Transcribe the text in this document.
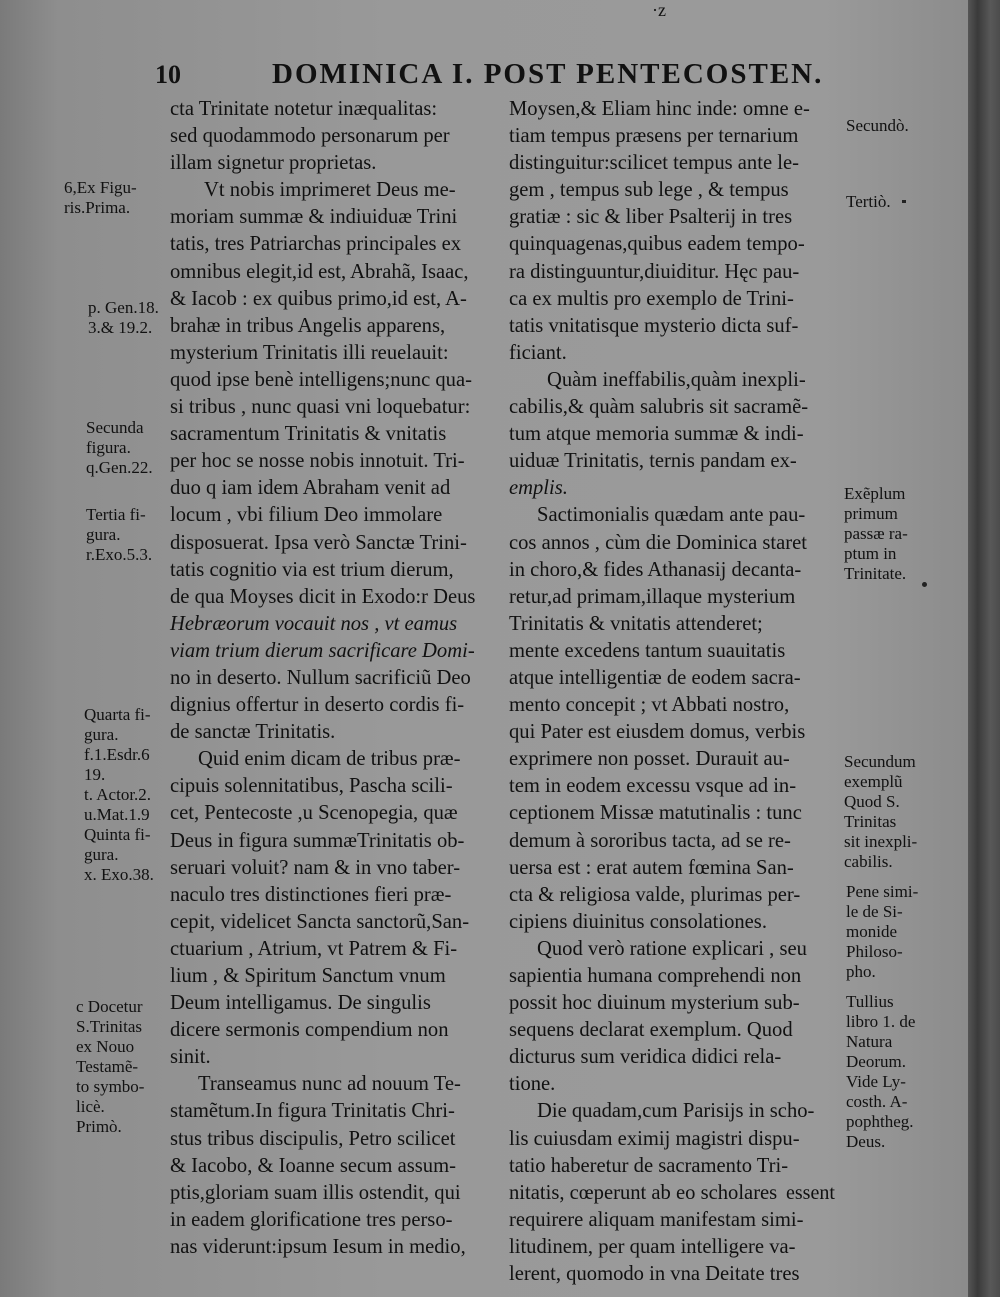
·z
10	DOMINICA I. POST PENTECOSTEN.
6,Ex Figu-
ris.Prima.
p. Gen.18.
3.& 19.2.
Secunda
figura.
q.Gen.22.
Tertia fi-
gura.
r.Exo.5.3.
Quarta fi-
gura.
f.1.Esdr.6
19.
t. Actor.2.
u.Mat.1.9
Quinta fi-
gura.
x. Exo.38.
c Docetur
S.Trinitas
ex Nouo
Testamẽ-
to symbo-
licè.
Primò.
cta Trinitate notetur inæqualitas:
sed quodammodo personarum per
illam signetur proprietas.
Vt nobis imprimeret Deus me-
moriam summæ & indiuiduæ Trini
tatis, tres Patriarchas principales ex
omnibus elegit,id est, Abrahã, Isaac,
& Iacob : ex quibus primo,id est, A-
brahæ in tribus Angelis apparens,
mysterium Trinitatis illi reuelauit:
quod ipse benè intelligens;nunc qua-
si tribus , nunc quasi vni loquebatur:
sacramentum Trinitatis & vnitatis
per hoc se nosse nobis innotuit. Tri-
duo q iam idem Abraham venit ad
locum , vbi filium Deo immolare
disposuerat. Ipsa verò Sanctæ Trini-
tatis cognitio via est trium dierum,
de qua Moyses dicit in Exodo:r Deus
Hebræorum vocauit nos , vt eamus
viam trium dierum sacrificare Domi-
no in deserto. Nullum sacrificiũ Deo
dignius offertur in deserto cordis fi-
de sanctæ Trinitatis.
Quid enim dicam de tribus præ-
cipuis solennitatibus, Pascha scili-
cet, Pentecoste ,u Scenopegia, quæ
Deus in figura summæTrinitatis ob-
seruari voluit? nam & in vno taber-
naculo tres distinctiones fieri præ-
cepit, videlicet Sancta sanctorũ,San-
ctuarium , Atrium, vt Patrem & Fi-
lium , & Spiritum Sanctum vnum
Deum intelligamus. De singulis
dicere sermonis compendium non
sinit.
Transeamus nunc ad nouum Te-
stamẽtum.In figura Trinitatis Chri-
stus tribus discipulis, Petro scilicet
& Iacobo, & Ioanne secum assum-
ptis,gloriam suam illis ostendit, qui
in eadem glorificatione tres perso-
nas viderunt:ipsum Iesum in medio,
Moysen,& Eliam hinc inde: omne e-
tiam tempus præsens per ternarium
distinguitur:scilicet tempus ante le-
gem , tempus sub lege , & tempus
gratiæ : sic & liber Psalterij in tres
quinquagenas,quibus eadem tempo-
ra distinguuntur,diuiditur. Hęc pau-
ca ex multis pro exemplo de Trini-
tatis vnitatisque mysterio dicta suf-
ficiant.
Quàm ineffabilis,quàm inexpli-
cabilis,& quàm salubris sit sacramẽ-
tum atque memoria summæ & indi-
uiduæ Trinitatis, ternis pandam ex-
emplis.
Sactimonialis quædam ante pau-
cos annos , cùm die Dominica staret
in choro,& fides Athanasij decanta-
retur,ad primam,illaque mysterium
Trinitatis & vnitatis attenderet;
mente excedens tantum suauitatis
atque intelligentiæ de eodem sacra-
mento concepit ; vt Abbati nostro,
qui Pater est eiusdem domus, verbis
exprimere non posset. Durauit au-
tem in eodem excessu vsque ad in-
ceptionem Missæ matutinalis : tunc
demum à sororibus tacta, ad se re-
uersa est : erat autem fœmina San-
cta & religiosa valde, plurimas per-
cipiens diuinitus consolationes.
Quod verò ratione explicari , seu
sapientia humana comprehendi non
possit hoc diuinum mysterium sub-
sequens declarat exemplum. Quod
dicturus sum veridica didici rela-
tione.
Die quadam,cum Parisijs in scho-
lis cuiusdam eximij magistri dispu-
tatio haberetur de sacramento Tri-
nitatis, cœperunt ab eo scholares
requirere aliquam manifestam simi-
litudinem, per quam intelligere va-
lerent, quomodo in vna Deitate tres
Secundò.
Tertiò.
Exẽplum
primum
passæ ra-
ptum in
Trinitate.
Secundum
exemplũ
Quod S.
Trinitas
sit inexpli-
cabilis.
Pene simi-
le de Si-
monide
Philoso-
pho.
Tullius
libro 1. de
Natura
Deorum.
Vide Ly-
costh. A-
pophtheg.
Deus.
essent
